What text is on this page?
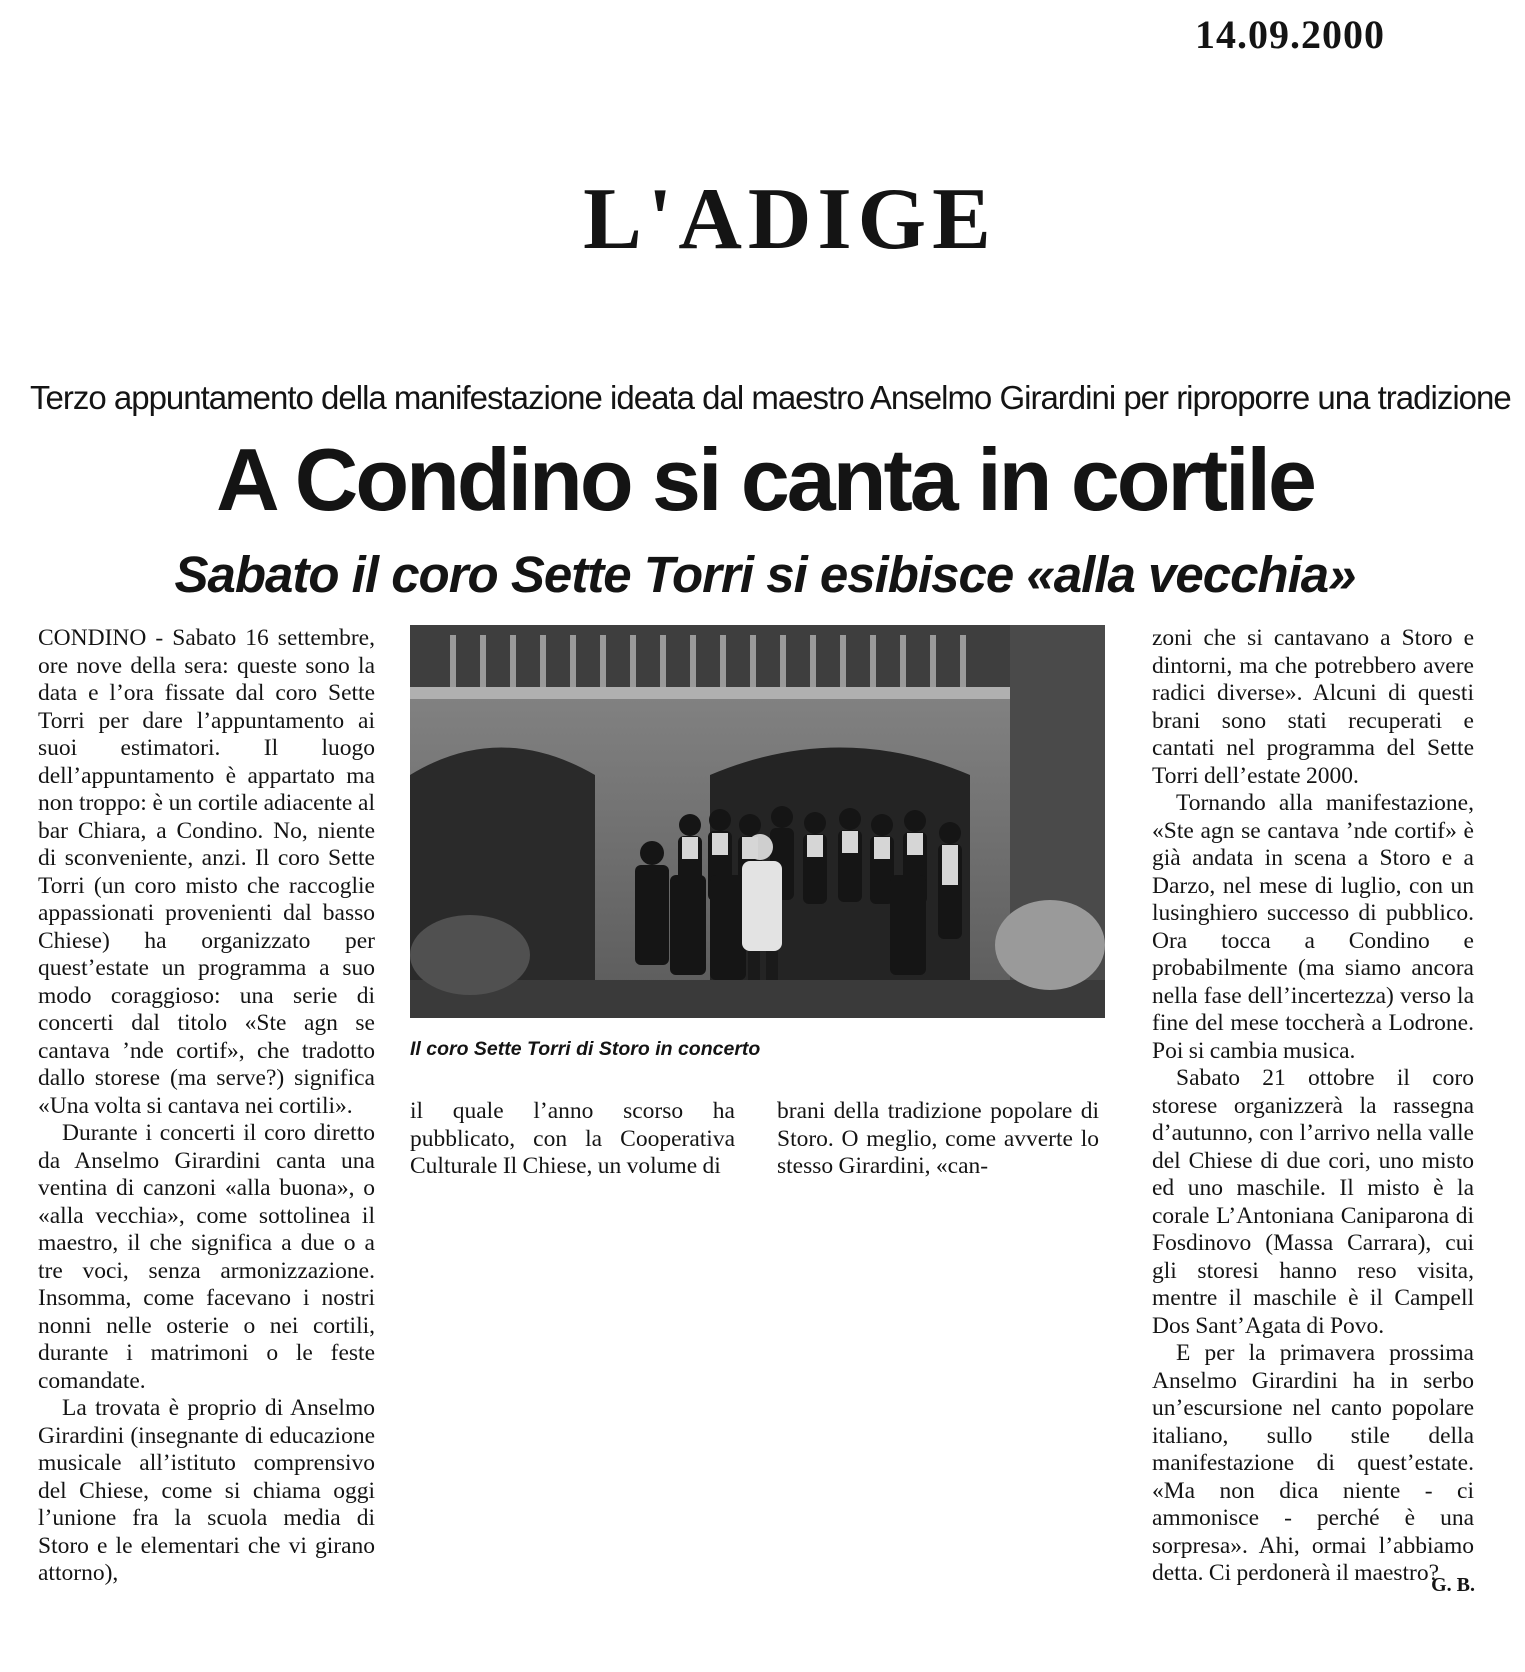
14.09.2000
L'ADIGE
Terzo appuntamento della manifestazione ideata dal maestro Anselmo Girardini per riproporre una tradizione
A Condino si canta in cortile
Sabato il coro Sette Torri si esibisce «alla vecchia»

CONDINO - Sabato 16 settembre, ore nove della sera: queste sono la data e l’ora fissate dal coro Sette Torri per dare l’appuntamento ai suoi estimatori. Il luogo dell’appuntamento è appartato ma non troppo: è un cortile adiacente al bar Chiara, a Condino. No, niente di sconveniente, anzi. Il coro Sette Torri (un coro misto che raccoglie appassionati provenienti dal basso Chiese) ha organizzato per quest’estate un programma a suo modo coraggioso: una serie di concerti dal titolo «Ste agn se cantava ’nde cortif», che tradotto dallo storese (ma serve?) significa «Una volta si cantava nei cortili».

Durante i concerti il coro diretto da Anselmo Girardini canta una ventina di canzoni «alla buona», o «alla vecchia», come sottolinea il maestro, il che significa a due o a tre voci, senza armonizzazione. Insomma, come facevano i nostri nonni nelle osterie o nei cortili, durante i matrimoni o le feste comandate.

La trovata è proprio di Anselmo Girardini (insegnante di educazione musicale all’istituto comprensivo del Chiese, come si chiama oggi l’unione fra la scuola media di Storo e le elementari che vi girano attorno),

Il coro Sette Torri di Storo in concerto

il quale l’anno scorso ha pubblicato, con la Cooperativa Culturale Il Chiese, un volume di

brani della tradizione popolare di Storo. O meglio, come avverte lo stesso Girardini, «can-

zoni che si cantavano a Storo e dintorni, ma che potrebbero avere radici diverse». Alcuni di questi brani sono stati recuperati e cantati nel programma del Sette Torri dell’estate 2000.

Tornando alla manifestazione, «Ste agn se cantava ’nde cortif» è già andata in scena a Storo e a Darzo, nel mese di luglio, con un lusinghiero successo di pubblico. Ora tocca a Condino e probabilmente (ma siamo ancora nella fase dell’incertezza) verso la fine del mese toccherà a Lodrone. Poi si cambia musica.

Sabato 21 ottobre il coro storese organizzerà la rassegna d’autunno, con l’arrivo nella valle del Chiese di due cori, uno misto ed uno maschile. Il misto è la corale L’Antoniana Caniparona di Fosdinovo (Massa Carrara), cui gli storesi hanno reso visita, mentre il maschile è il Campell Dos Sant’Agata di Povo.

E per la primavera prossima Anselmo Girardini ha in serbo un’escursione nel canto popolare italiano, sullo stile della manifestazione di quest’estate. «Ma non dica niente - ci ammonisce - perché è una sorpresa». Ahi, ormai l’abbiamo detta. Ci perdonerà il maestro?

G. B.
